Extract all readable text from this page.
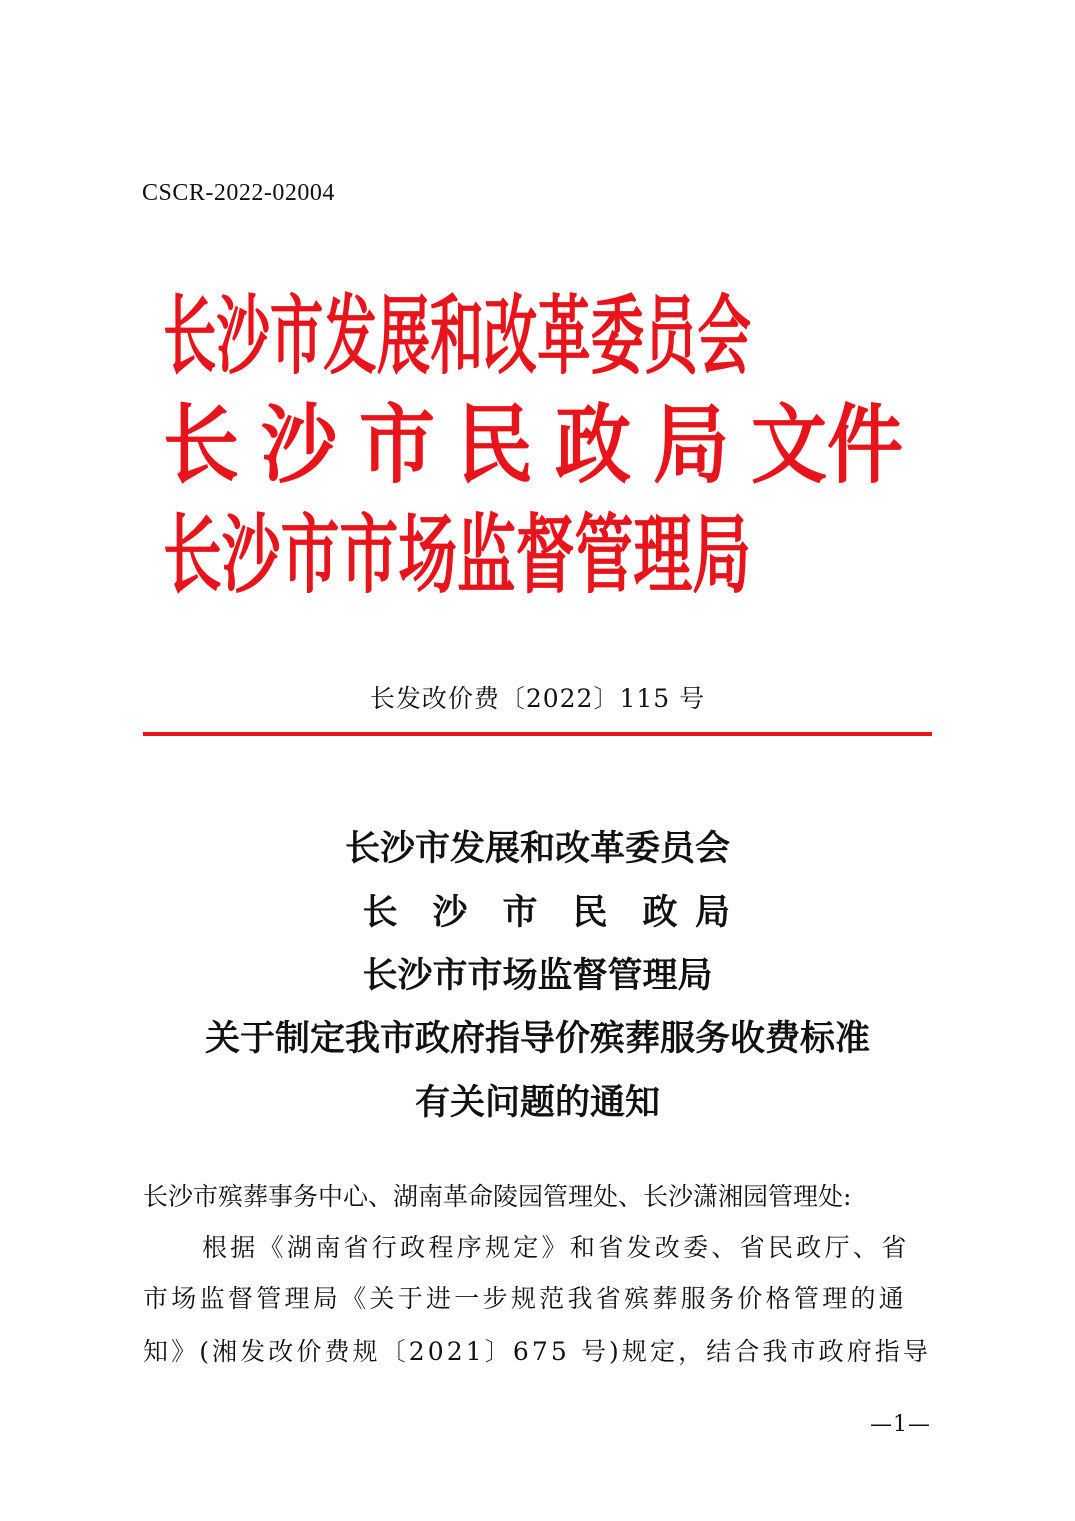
CSCR-2022-02004
长沙市发展和改革委员会
长 沙 市 民 政 局 文件
长沙市市场监督管理局
长发改价费〔2022〕115 号
长沙市发展和改革委员会
长 沙 市 民 政 局
长沙市市场监督管理局
关于制定我市政府指导价殡葬服务收费标准
有关问题的通知
长沙市殡葬事务中心、湖南革命陵园管理处、长沙潇湘园管理处:
根据《湖南省行政程序规定》和省发改委、省民政厅、省
市场监督管理局《关于进一步规范我省殡葬服务价格管理的通
知》(湘发改价费规〔2021〕675 号)规定，结合我市政府指导
—1—
